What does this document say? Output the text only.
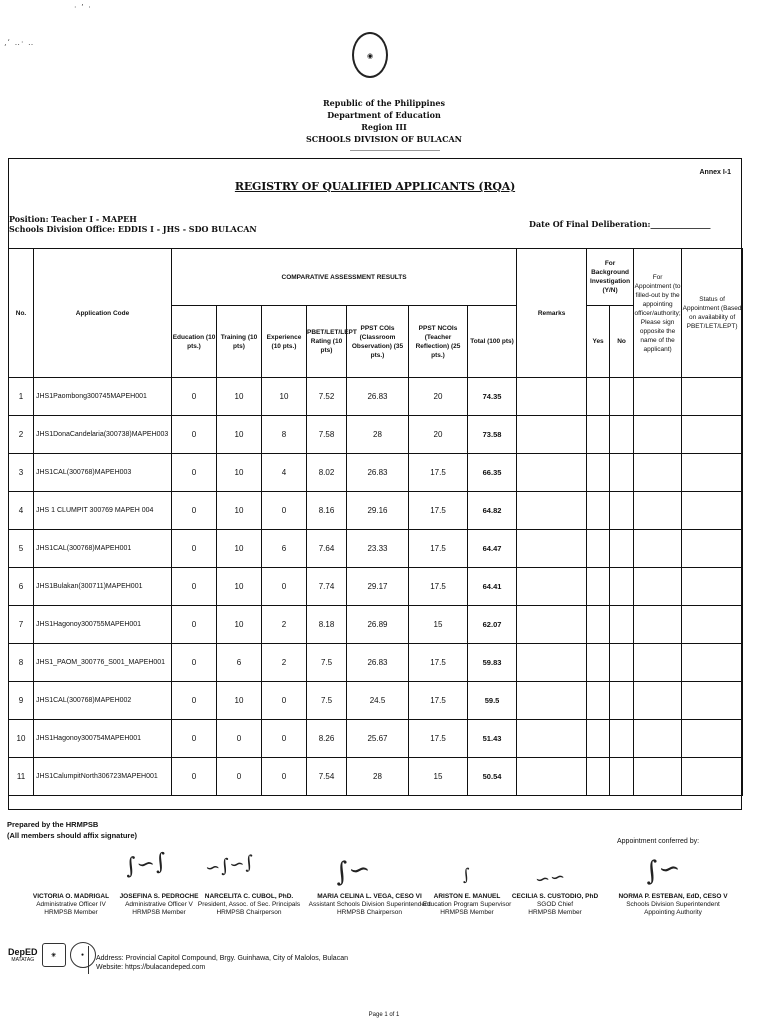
· ’ ·
‚‘ ‥· ‥
◉
Republic of the Philippines
Department of Education
Region III
SCHOOLS DIVISION OF BULACAN
Annex I-1
REGISTRY OF QUALIFIED APPLICANTS (RQA)
Position: Teacher I - MAPEH
Schools Division Office: EDDIS I - JHS - SDO BULACAN	Date Of Final Deliberation:_______________
No.	Application Code	COMPARATIVE ASSESSMENT RESULTS							Remarks	For Background Investigation (Y/N)		For Appointment (to filled-out by the appointing officer/authority; Please sign opposite the name of the applicant)	Status of Appointment (Based on availability of PBET/LET/LEPT)
		Education (10 pts.)	Training (10 pts)	Experience (10 pts.)	PBET/LET/LEPT Rating (10 pts)	PPST COIs (Classroom Observation) (35 pts.)	PPST NCOIs (Teacher Reflection) (25 pts.)	Total (100 pts)		Yes	No		
1	JHS1Paombong300745MAPEH001	0	10	10	7.52	26.83	20	74.35					
2	JHS1DonaCandelaria(300738)MAPEH003	0	10	8	7.58	28	20	73.58					
3	JHS1CAL(300768)MAPEH003	0	10	4	8.02	26.83	17.5	66.35					
4	JHS 1 CLUMPIT 300769 MAPEH 004	0	10	0	8.16	29.16	17.5	64.82					
5	JHS1CAL(300768)MAPEH001	0	10	6	7.64	23.33	17.5	64.47					
6	JHS1Bulakan(300711)MAPEH001	0	10	0	7.74	29.17	17.5	64.41					
7	JHS1Hagonoy300755MAPEH001	0	10	2	8.18	26.89	15	62.07					
8	JHS1_PAOM_300776_S001_MAPEH001	0	6	2	7.5	26.83	17.5	59.83					
9	JHS1CAL(300768)MAPEH002	0	10	0	7.5	24.5	17.5	59.5					
10	JHS1Hagonoy300754MAPEH001	0	0	0	8.26	25.67	17.5	51.43					
11	JHS1CalumpitNorth306723MAPEH001	0	0	0	7.54	28	15	50.54					
Prepared by the HRMPSB
(All members should affix signature)
Appointment conferred by:
∫∽∫ ∽∫∽∫	∫∽	∫	∽∽	∫∽
VICTORIA O. MADRIGAL
Administrative Officer IV
HRMPSB Member
JOSEFINA S. PEDROCHE
Administrative Officer V
HRMPSB Member
NARCELITA C. CUBOL, PhD.
President, Assoc. of Sec. Principals
HRMPSB Chairperson
MARIA CELINA L. VEGA, CESO VI
Assistant Schools Division Superintendent
HRMPSB Chairperson
ARISTON E. MANUEL
Education Program Supervisor
HRMPSB Member
CECILIA S. CUSTODIO, PhD
SGOD Chief
HRMPSB Member
NORMA P. ESTEBAN, EdD, CESO V
Schools Division Superintendent
Appointing Authority
DepED
MATATAG
☀	●	Address: Provincial Capitol Compound, Brgy. Guinhawa, City of Malolos, Bulacan
Website: https://bulacandeped.com
Page 1 of 1
